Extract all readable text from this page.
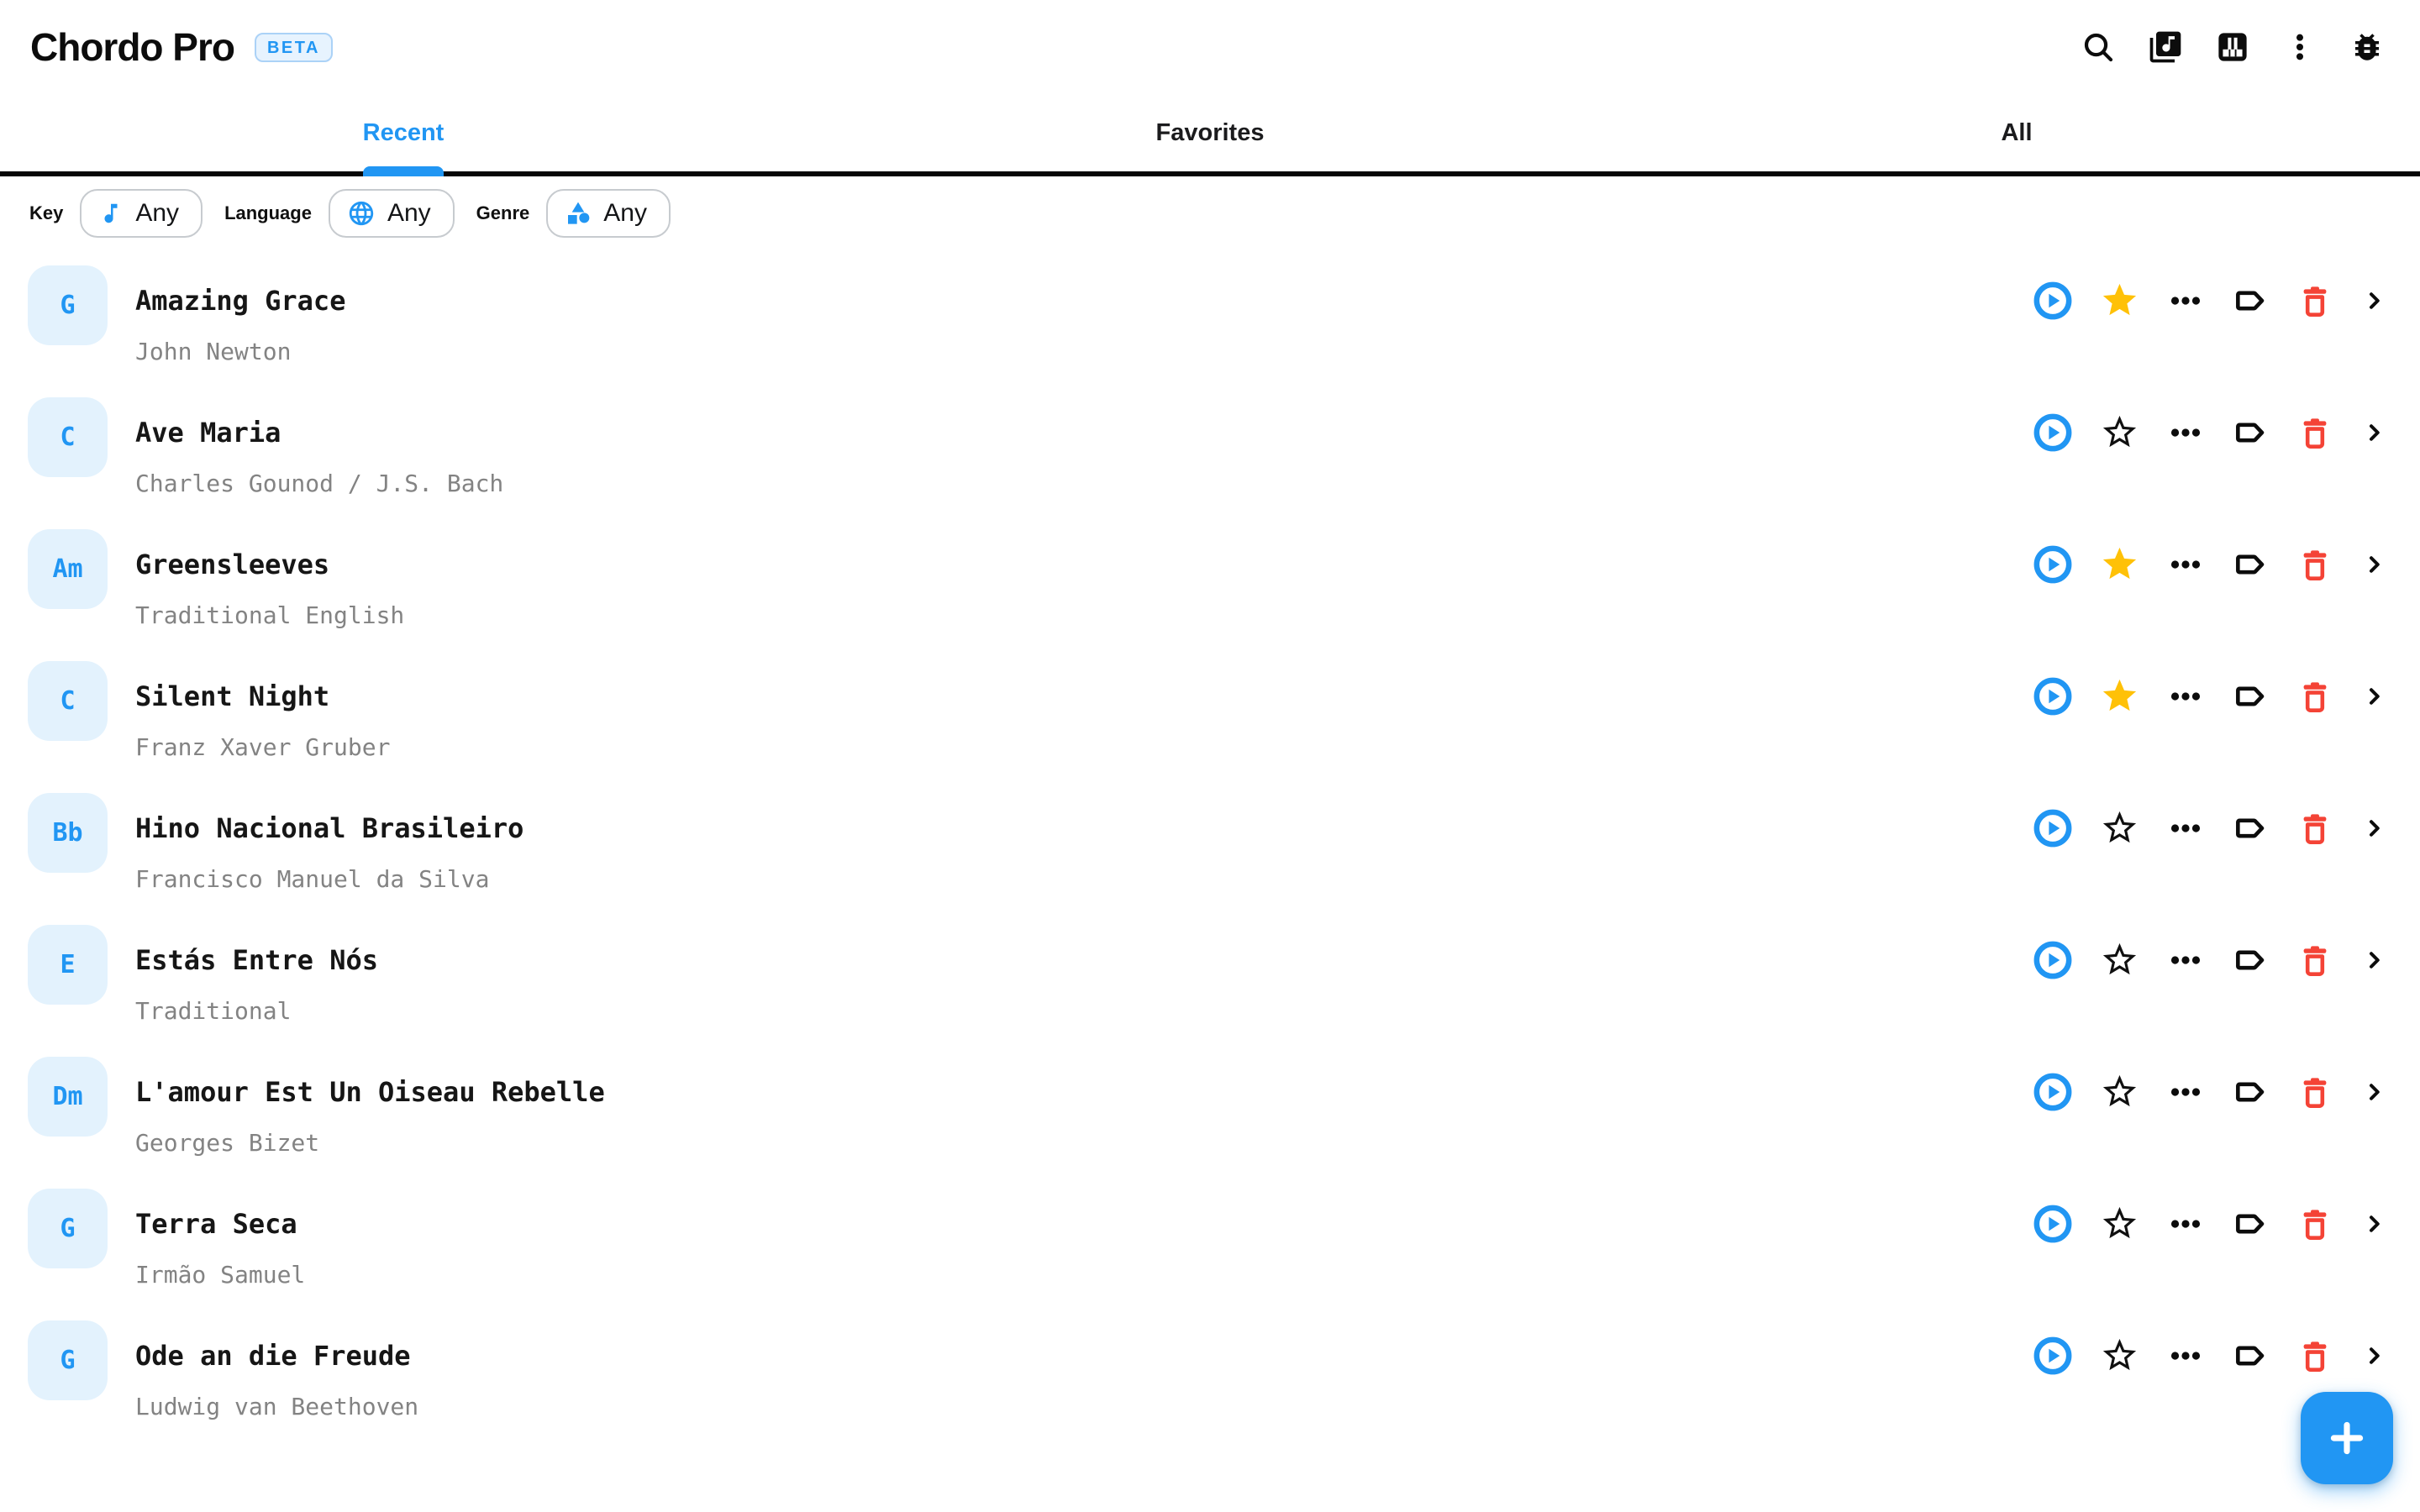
Chordo Pro	BETA
Recent	Favorites	All
Key	Any Language	Any Genre	Any
G Amazing Grace
John Newton
C Ave Maria
Charles Gounod / J.S. Bach
Am Greensleeves
Traditional English
C Silent Night
Franz Xaver Gruber
Bb Hino Nacional Brasileiro
Francisco Manuel da Silva
E Estás Entre Nós
Traditional
Dm L'amour Est Un Oiseau Rebelle
Georges Bizet
G Terra Seca
Irmão Samuel
G Ode an die Freude
Ludwig van Beethoven
